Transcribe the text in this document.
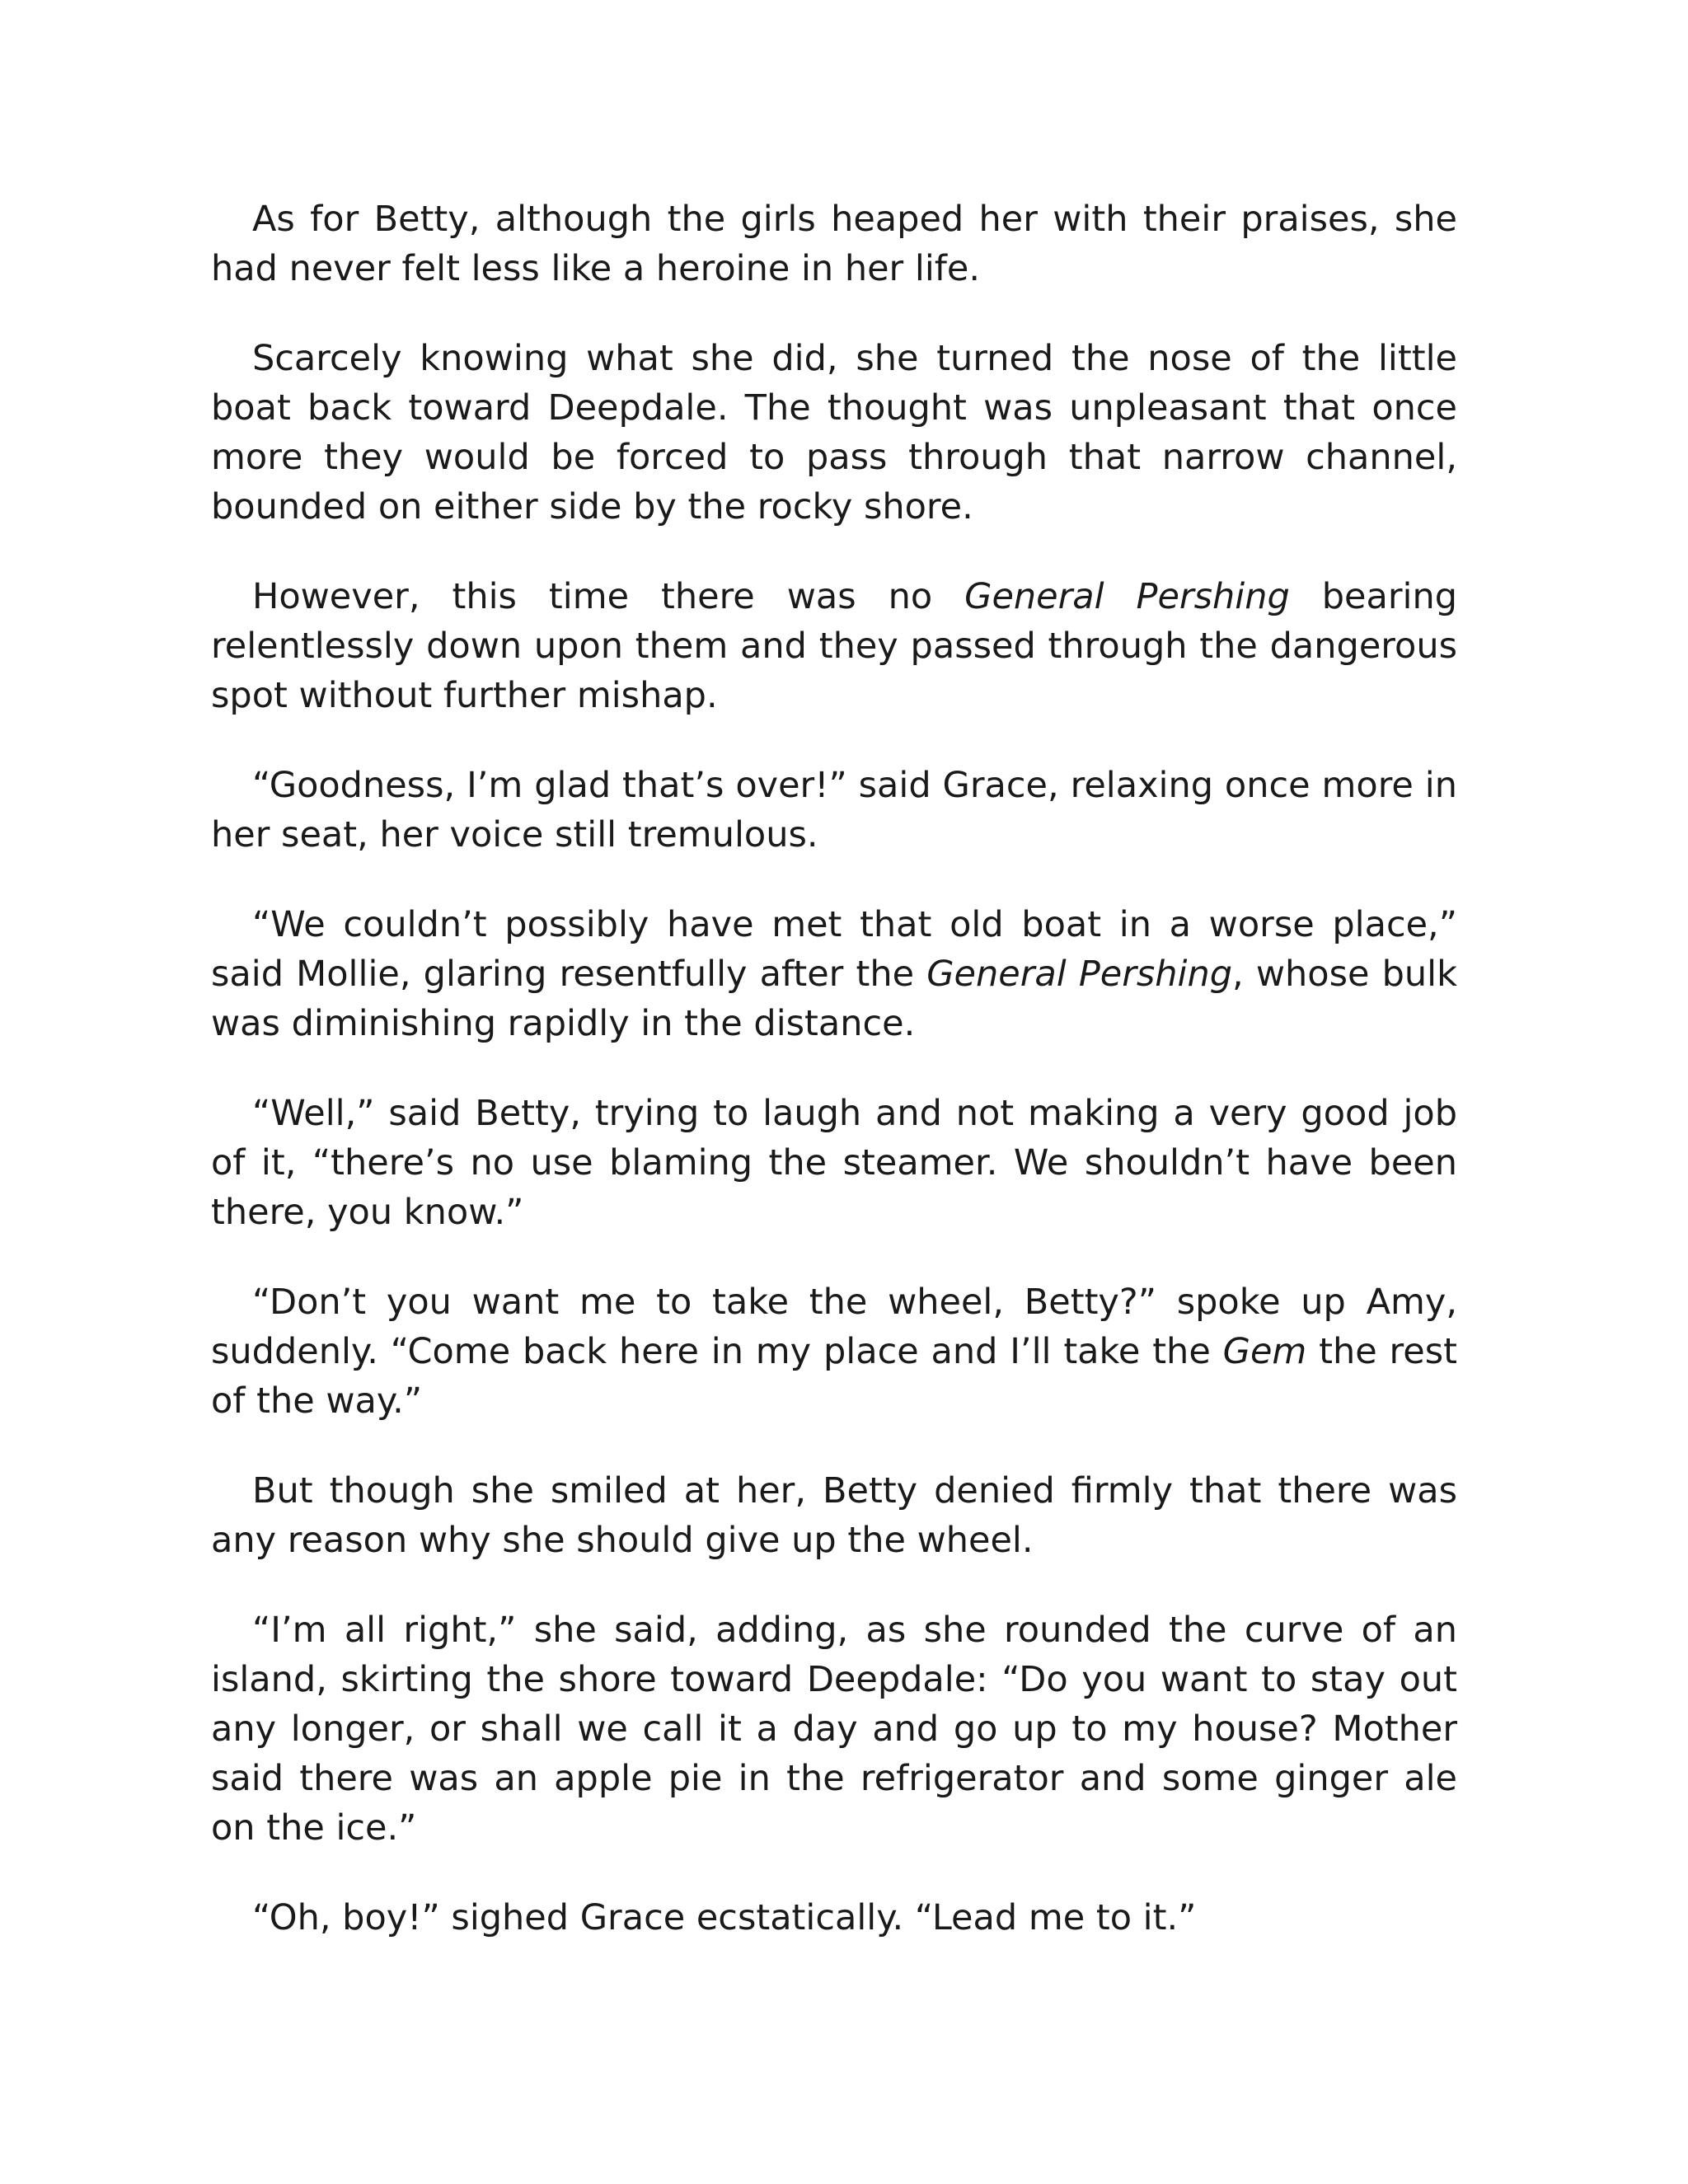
As for Betty, although the girls heaped her with their praises, she had never felt less like a heroine in her life.

Scarcely knowing what she did, she turned the nose of the little boat back toward Deepdale. The thought was unpleasant that once more they would be forced to pass through that narrow channel, bounded on either side by the rocky shore.

However, this time there was no General Pershing bearing relentlessly down upon them and they passed through the dangerous spot without further mishap.

“Goodness, I’m glad that’s over!” said Grace, relaxing once more in her seat, her voice still tremulous.

“We couldn’t possibly have met that old boat in a worse place,” said Mollie, glaring resentfully after the General Pershing, whose bulk was diminishing rapidly in the distance.

“Well,” said Betty, trying to laugh and not making a very good job of it, “there’s no use blaming the steamer. We shouldn’t have been there, you know.”

“Don’t you want me to take the wheel, Betty?” spoke up Amy, suddenly. “Come back here in my place and I’ll take the Gem the rest of the way.”

But though she smiled at her, Betty denied firmly that there was any reason why she should give up the wheel.

“I’m all right,” she said, adding, as she rounded the curve of an island, skirting the shore toward Deepdale: “Do you want to stay out any longer, or shall we call it a day and go up to my house? Mother said there was an apple pie in the refrigerator and some ginger ale on the ice.”

“Oh, boy!” sighed Grace ecstatically. “Lead me to it.”
